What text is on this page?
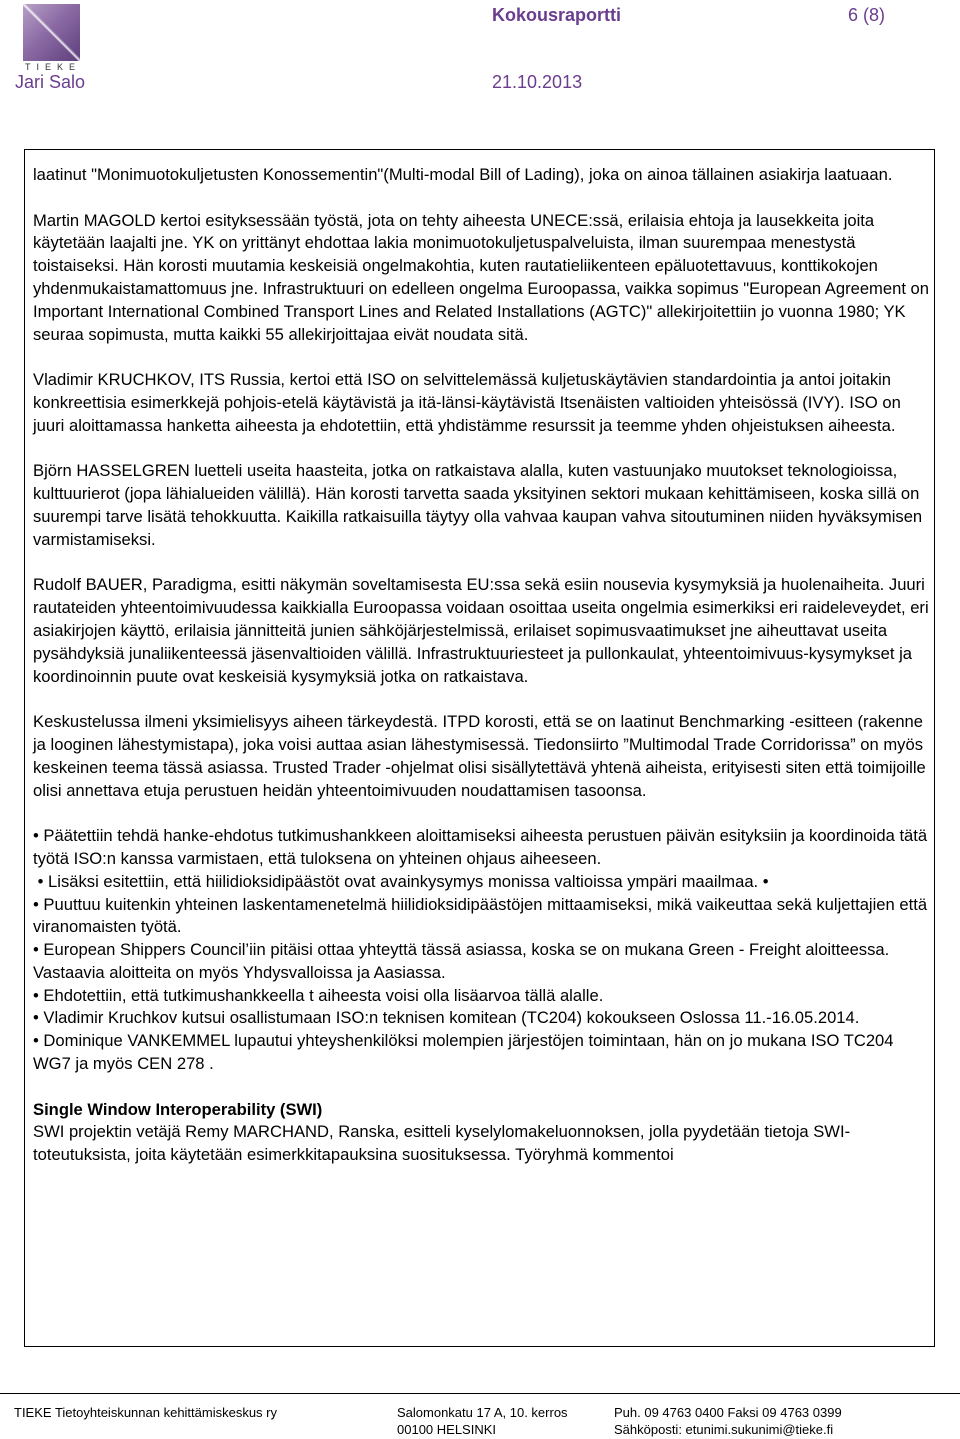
TIEKE
Kokousraportti	6 (8)
Jari Salo	21.10.2013

laatinut "Monimuotokuljetusten Konossementin"(Multi-modal Bill of Lading), joka on ainoa tällainen asiakirja laatuaan.

Martin MAGOLD kertoi esityksessään työstä, jota on tehty aiheesta UNECE:ssä, erilaisia ehtoja ja lausekkeita joita käytetään laajalti jne. YK on yrittänyt ehdottaa lakia monimuotokuljetuspalveluista, ilman suurempaa menestystä toistaiseksi. Hän korosti muutamia keskeisiä ongelmakohtia, kuten rautatieliikenteen epäluotettavuus, konttikokojen yhdenmukaistamattomuus jne. Infrastruktuuri on edelleen ongelma Euroopassa, vaikka sopimus "European Agreement on Important International Combined Transport Lines and Related Installations (AGTC)" allekirjoitettiin jo vuonna 1980; YK seuraa sopimusta, mutta kaikki 55 allekirjoittajaa eivät noudata sitä.

Vladimir KRUCHKOV, ITS Russia, kertoi että ISO on selvittelemässä kuljetuskäytävien standardointia ja antoi joitakin konkreettisia esimerkkejä pohjois-etelä käytävistä ja itä-länsi-käytävistä Itsenäisten valtioiden yhteisössä (IVY). ISO on juuri aloittamassa hanketta aiheesta ja ehdotettiin, että yhdistämme resurssit ja teemme yhden ohjeistuksen aiheesta.

Björn HASSELGREN luetteli useita haasteita, jotka on ratkaistava alalla, kuten vastuunjako muutokset teknologioissa, kulttuurierot (jopa lähialueiden välillä). Hän korosti tarvetta saada yksityinen sektori mukaan kehittämiseen, koska sillä on suurempi tarve lisätä tehokkuutta. Kaikilla ratkaisuilla täytyy olla vahvaa kaupan vahva sitoutuminen niiden hyväksymisen varmistamiseksi.

Rudolf BAUER, Paradigma, esitti näkymän soveltamisesta EU:ssa sekä esiin nousevia kysymyksiä ja huolenaiheita. Juuri rautateiden yhteentoimivuudessa kaikkialla Euroopassa voidaan osoittaa useita ongelmia esimerkiksi eri raideleveydet, eri asiakirjojen käyttö, erilaisia jännitteitä junien sähköjärjestelmissä, erilaiset sopimusvaatimukset jne aiheuttavat useita pysähdyksiä junaliikenteessä jäsenvaltioiden välillä. Infrastruktuuriesteet ja pullonkaulat, yhteentoimivuus-kysymykset ja koordinoinnin puute ovat keskeisiä kysymyksiä jotka on ratkaistava.

Keskustelussa ilmeni yksimielisyys aiheen tärkeydestä. ITPD korosti, että se on laatinut Benchmarking -esitteen (rakenne ja looginen lähestymistapa), joka voisi auttaa asian lähestymisessä. Tiedonsiirto ”Multimodal Trade Corridorissa” on myös keskeinen teema tässä asiassa. Trusted Trader -ohjelmat olisi sisällytettävä yhtenä aiheista, erityisesti siten että toimijoille olisi annettava etuja perustuen heidän yhteentoimivuuden noudattamisen tasoonsa.

• Päätettiin tehdä hanke-ehdotus tutkimushankkeen aloittamiseksi aiheesta perustuen päivän esityksiin ja koordinoida tätä työtä ISO:n kanssa varmistaen, että tuloksena on yhteinen ohjaus aiheeseen.

• Lisäksi esitettiin, että hiilidioksidipäästöt ovat avainkysymys monissa valtioissa ympäri maailmaa. •

• Puuttuu kuitenkin yhteinen laskentamenetelmä hiilidioksidipäästöjen mittaamiseksi, mikä vaikeuttaa sekä kuljettajien että viranomaisten työtä.

• European Shippers Council’iin pitäisi ottaa yhteyttä tässä asiassa, koska se on mukana Green - Freight aloitteessa. Vastaavia aloitteita on myös Yhdysvalloissa ja Aasiassa.

• Ehdotettiin, että tutkimushankkeella t aiheesta voisi olla lisäarvoa tällä alalle.

• Vladimir Kruchkov kutsui osallistumaan ISO:n teknisen komitean (TC204) kokoukseen Oslossa 11.-16.05.2014.

• Dominique VANKEMMEL lupautui yhteyshenkilöksi molempien järjestöjen toimintaan, hän on jo mukana ISO TC204 WG7 ja myös CEN 278 .

Single Window Interoperability (SWI)
SWI projektin vetäjä Remy MARCHAND, Ranska, esitteli kyselylomakeluonnoksen, jolla pyydetään tietoja SWI-toteutuksista, joita käytetään esimerkkitapauksina suosituksessa. Työryhmä kommentoi
TIEKE Tietoyhteiskunnan kehittämiskeskus ry	Salomonkatu 17 A, 10. kerros
00100 HELSINKI
Puh. 09 4763 0400 Faksi 09 4763 0399
Sähköposti: etunimi.sukunimi@tieke.fi
